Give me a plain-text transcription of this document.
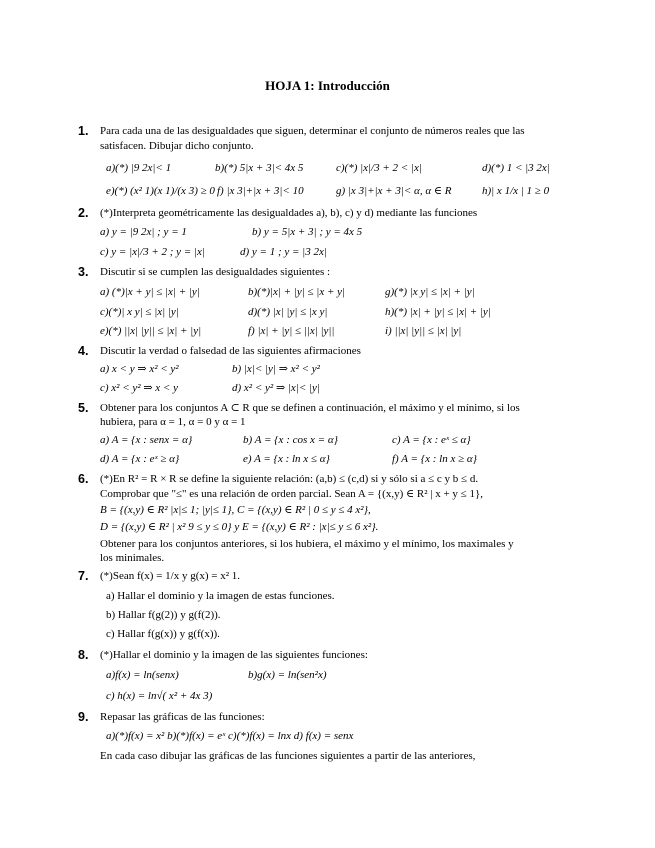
HOJA 1: Introducción
1. Para cada una de las desigualdades que siguen, determinar el conjunto de números reales que las
satisfacen. Dibujar dicho conjunto.
a)(*) |9 2x|< 1	b)(*) 5|x + 3|< 4x 5	c)(*) |x|/3 + 2 < |x|	d)(*) 1 < |3 2x|
e)(*) (x² 1)(x 1)/(x 3) ≥ 0 f) |x 3|+|x + 3|< 10	g) |x 3|+|x + 3|< α, α ∈ R	h)| x 1/x | 1 ≥ 0
2. (*)Interpreta geométricamente las desigualdades a), b), c) y d) mediante las funciones
a) y = |9 2x| ; y = 1	b) y = 5|x + 3| ; y = 4x 5
c) y = |x|/3 + 2 ; y = |x|	d) y = 1 ; y = |3 2x|
3. Discutir si se cumplen las desigualdades siguientes :
a) (*)|x + y| ≤ |x| + |y|	b)(*)|x| + |y| ≤ |x + y|	g)(*) |x y| ≤ |x| + |y|
c)(*)| x y| ≤ |x| |y|	d)(*) |x| |y| ≤ |x y|	h)(*) |x| + |y| ≤ |x| + |y|
e)(*) ||x| |y|| ≤ |x| + |y|	f) |x| + |y| ≤ ||x| |y||	i) ||x| |y|| ≤ |x| |y|
4. Discutir la verdad o falsedad de las siguientes afirmaciones
a) x < y ⇒ x² < y²	b) |x|< |y| ⇒ x² < y²
c) x² < y² ⇒ x < y	d) x² < y² ⇒ |x|< |y|
5. Obtener para los conjuntos A ⊂ R que se definen a continuación, el máximo y el mínimo, si los
hubiera, para α = 1, α = 0 y α = 1
a) A = {x : senx = α}	b) A = {x : cos x = α}	c) A = {x : eˣ ≤ α}
d) A = {x : eˣ ≥ α}	e) A = {x : ln x ≤ α}	f) A = {x : ln x ≥ α}
6. (*)En R² = R × R se define la siguiente relación: (a,b) ≤ (c,d) si y sólo si a ≤ c y b ≤ d.
Comprobar que "≤" es una relación de orden parcial. Sean A = {(x,y) ∈ R² | x + y ≤ 1},
B = {(x,y) ∈ R² |x|≤ 1; |y|≤ 1}, C = {(x,y) ∈ R² | 0 ≤ y ≤ 4 x²},
D = {(x,y) ∈ R² | x² 9 ≤ y ≤ 0} y E = {(x,y) ∈ R² : |x|≤ y ≤ 6 x²}.
Obtener para los conjuntos anteriores, si los hubiera, el máximo y el mínimo, los maximales y
los minimales.
7. (*)Sean f(x) = 1/x y g(x) = x² 1.
a) Hallar el dominio y la imagen de estas funciones.
b) Hallar f(g(2)) y g(f(2)).
c) Hallar f(g(x)) y g(f(x)).
8. (*)Hallar el dominio y la imagen de las siguientes funciones:
a)f(x) = ln(senx)	b)g(x) = ln(sen²x)
c) h(x) = ln√( x² + 4x 3)
9. Repasar las gráficas de las funciones:
a)(*)f(x) = x² b)(*)f(x) = eˣ c)(*)f(x) = lnx d) f(x) = senx
En cada caso dibujar las gráficas de las funciones siguientes a partir de las anteriores,
